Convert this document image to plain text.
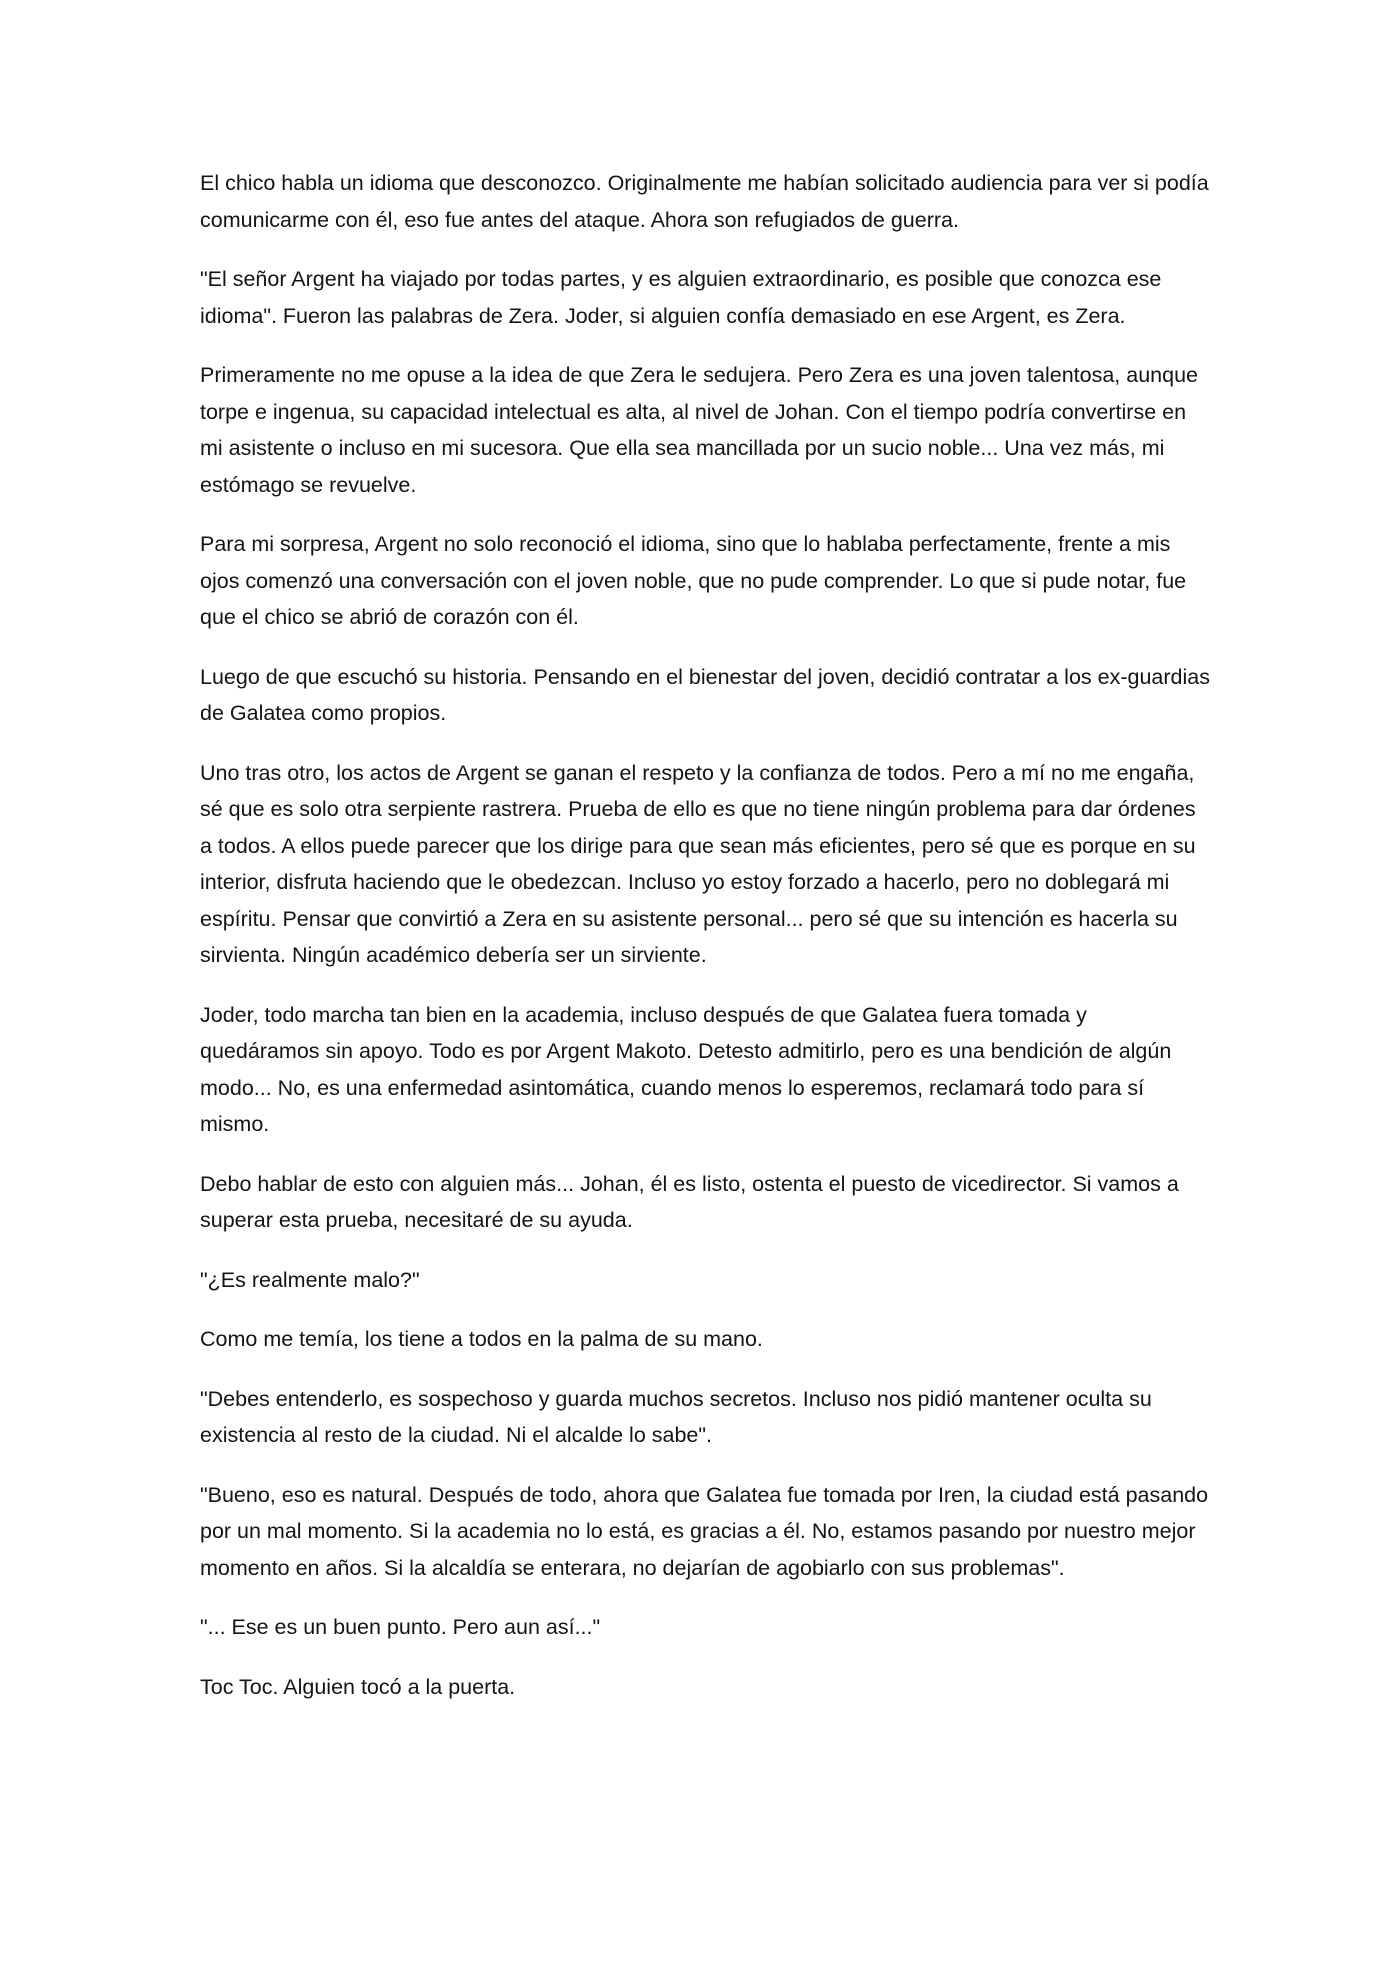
El chico habla un idioma que desconozco. Originalmente me habían solicitado audiencia para ver si podía comunicarme con él, eso fue antes del ataque. Ahora son refugiados de guerra.

"El señor Argent ha viajado por todas partes, y es alguien extraordinario, es posible que conozca ese idioma". Fueron las palabras de Zera. Joder, si alguien confía demasiado en ese Argent, es Zera.

Primeramente no me opuse a la idea de que Zera le sedujera. Pero Zera es una joven talentosa, aunque torpe e ingenua, su capacidad intelectual es alta, al nivel de Johan. Con el tiempo podría convertirse en mi asistente o incluso en mi sucesora. Que ella sea mancillada por un sucio noble... Una vez más, mi estómago se revuelve.

Para mi sorpresa, Argent no solo reconoció el idioma, sino que lo hablaba perfectamente, frente a mis ojos comenzó una conversación con el joven noble, que no pude comprender. Lo que si pude notar, fue que el chico se abrió de corazón con él.

Luego de que escuchó su historia. Pensando en el bienestar del joven, decidió contratar a los ex-guardias de Galatea como propios.

Uno tras otro, los actos de Argent se ganan el respeto y la confianza de todos. Pero a mí no me engaña, sé que es solo otra serpiente rastrera. Prueba de ello es que no tiene ningún problema para dar órdenes a todos. A ellos puede parecer que los dirige para que sean más eficientes, pero sé que es porque en su interior, disfruta haciendo que le obedezcan. Incluso yo estoy forzado a hacerlo, pero no doblegará mi espíritu. Pensar que convirtió a Zera en su asistente personal... pero sé que su intención es hacerla su sirvienta. Ningún académico debería ser un sirviente.

Joder, todo marcha tan bien en la academia, incluso después de que Galatea fuera tomada y quedáramos sin apoyo. Todo es por Argent Makoto. Detesto admitirlo, pero es una bendición de algún modo... No, es una enfermedad asintomática, cuando menos lo esperemos, reclamará todo para sí mismo.

Debo hablar de esto con alguien más... Johan, él es listo, ostenta el puesto de vicedirector. Si vamos a superar esta prueba, necesitaré de su ayuda.

"¿Es realmente malo?"

Como me temía, los tiene a todos en la palma de su mano.

"Debes entenderlo, es sospechoso y guarda muchos secretos. Incluso nos pidió mantener oculta su existencia al resto de la ciudad. Ni el alcalde lo sabe".

"Bueno, eso es natural. Después de todo, ahora que Galatea fue tomada por Iren, la ciudad está pasando por un mal momento. Si la academia no lo está, es gracias a él. No, estamos pasando por nuestro mejor momento en años. Si la alcaldía se enterara, no dejarían de agobiarlo con sus problemas".

"... Ese es un buen punto. Pero aun así..."

Toc Toc. Alguien tocó a la puerta.
